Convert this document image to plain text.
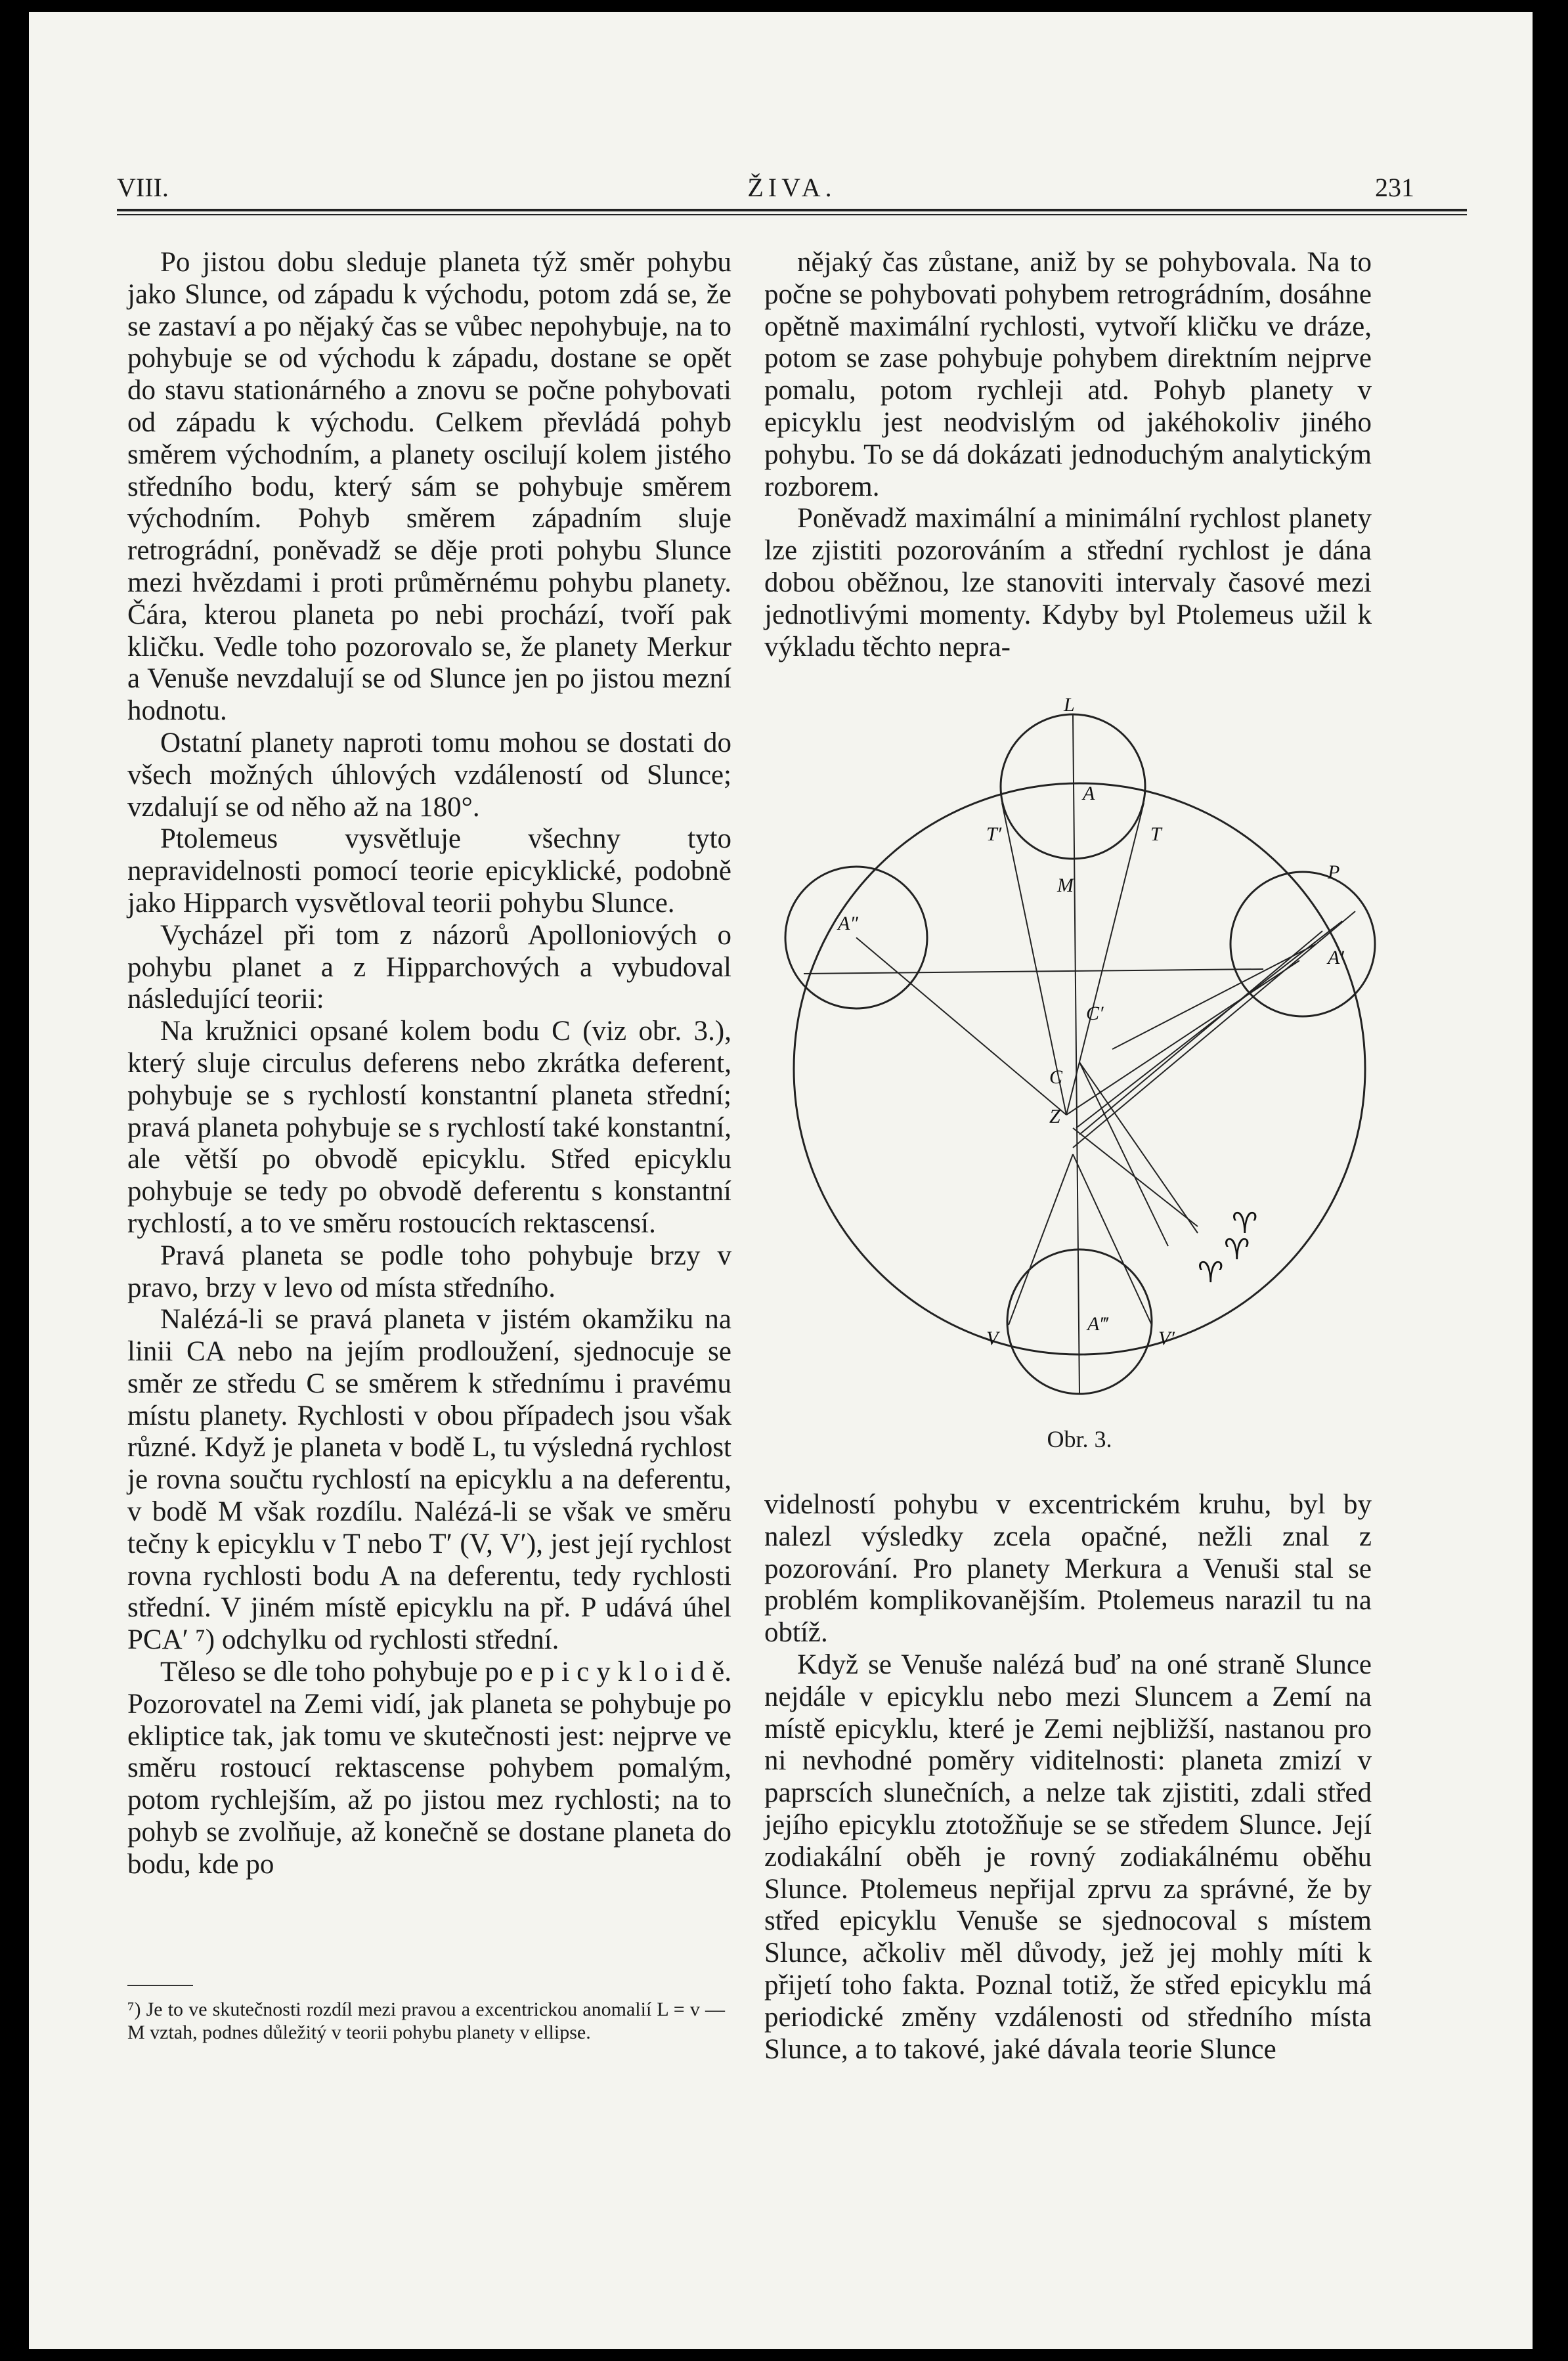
VIII.	ŽIVA.	231

Po jistou dobu sleduje planeta týž směr pohybu jako Slunce, od západu k východu, potom zdá se, že se zastaví a po nějaký čas se vůbec nepohybuje, na to pohybuje se od východu k západu, dostane se opět do stavu stationárného a znovu se počne pohybovati od západu k východu. Celkem převládá pohyb směrem východním, a planety oscilují kolem jistého středního bodu, který sám se pohybuje směrem východním. Pohyb směrem západním sluje retrográdní, poněvadž se děje proti pohybu Slunce mezi hvězdami i proti průměrnému pohybu planety. Čára, kterou planeta po nebi prochází, tvoří pak kličku. Vedle toho pozorovalo se, že planety Merkur a Venuše nevzdalují se od Slunce jen po jistou mezní hodnotu.

Ostatní planety naproti tomu mohou se dostati do všech možných úhlových vzdáleností od Slunce; vzdalují se od něho až na 180°.

Ptolemeus vysvětluje všechny tyto nepravidelnosti pomocí teorie epicyklické, podobně jako Hipparch vysvětloval teorii pohybu Slunce.

Vycházel při tom z názorů Apolloniových o pohybu planet a z Hipparchových a vybudoval následující teorii:

Na kružnici opsané kolem bodu C (viz obr. 3.), který sluje circulus deferens nebo zkrátka deferent, pohybuje se s rychlostí konstantní planeta střední; pravá planeta pohybuje se s rychlostí také konstantní, ale větší po obvodě epicyklu. Střed epicyklu pohybuje se tedy po obvodě deferentu s konstantní rychlostí, a to ve směru rostoucích rektascensí.

Pravá planeta se podle toho pohybuje brzy v pravo, brzy v levo od místa středního.

Nalézá-li se pravá planeta v jistém okamžiku na linii CA nebo na jejím prodloužení, sjednocuje se směr ze středu C se směrem k střednímu i pravému místu planety. Rychlosti v obou případech jsou však různé. Když je planeta v bodě L, tu výsledná rychlost je rovna součtu rychlostí na epicyklu a na deferentu, v bodě M však rozdílu. Nalézá-li se však ve směru tečny k epicyklu v T nebo T′ (V, V′), jest její rychlost rovna rychlosti bodu A na deferentu, tedy rychlosti střední. V jiném místě epicyklu na př. P udává úhel PCA′ ⁷) odchylku od rychlosti střední.

Těleso se dle toho pohybuje po e p i c y k l o i d ě. Pozorovatel na Zemi vidí, jak planeta se pohybuje po ekliptice tak, jak tomu ve skutečnosti jest: nejprve ve směru rostoucí rektascense pohybem pomalým, potom rychlejším, až po jistou mez rychlosti; na to pohyb se zvolňuje, až konečně se dostane planeta do bodu, kde po

⁷) Je to ve skutečnosti rozdíl mezi pravou a excentrickou anomalií L = v — M vztah, podnes důležitý v teorii pohybu planety v ellipse.

nějaký čas zůstane, aniž by se pohybovala. Na to počne se pohybovati pohybem retrográdním, dosáhne opětně maximální rychlosti, vytvoří kličku ve dráze, potom se zase pohybuje pohybem direktním nejprve pomalu, potom rychleji atd. Pohyb planety v epicyklu jest neodvislým od jakéhokoliv jiného pohybu. To se dá dokázati jednoduchým analytickým rozborem.

Poněvadž maximální a minimální rychlost planety lze zjistiti pozorováním a střední rychlost je dána dobou oběžnou, lze stanoviti intervaly časové mezi jednotlivými momenty. Kdyby byl Ptolemeus užil k výkladu těchto nepra-

L
A
T′	T
M
A″
P
A′
C′
C
Z
V
A‴
V′
♈
♈
♈
Obr. 3.

videlností pohybu v excentrickém kruhu, byl by nalezl výsledky zcela opačné, nežli znal z pozorování. Pro planety Merkura a Venuši stal se problém komplikovanějším. Ptolemeus narazil tu na obtíž.

Když se Venuše nalézá buď na oné straně Slunce nejdále v epicyklu nebo mezi Sluncem a Zemí na místě epicyklu, které je Zemi nejbližší, nastanou pro ni nevhodné poměry viditelnosti: planeta zmizí v paprscích slunečních, a nelze tak zjistiti, zdali střed jejího epicyklu ztotožňuje se se středem Slunce. Její zodiakální oběh je rovný zodiakálnému oběhu Slunce. Ptolemeus nepřijal zprvu za správné, že by střed epicyklu Venuše se sjednocoval s místem Slunce, ačkoliv měl důvody, jež jej mohly míti k přijetí toho fakta. Poznal totiž, že střed epicyklu má periodické změny vzdálenosti od středního místa Slunce, a to takové, jaké dávala teorie Slunce
